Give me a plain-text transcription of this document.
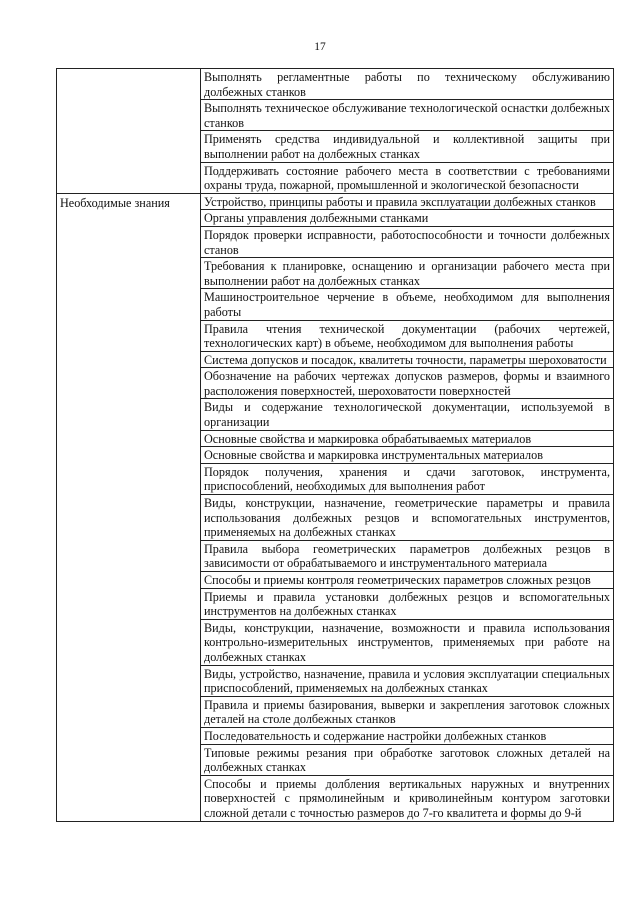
17
	Выполнять регламентные работы по техническому обслуживанию долбежных станков
	Выполнять техническое обслуживание технологической оснастки долбежных станков
	Применять средства индивидуальной и коллективной защиты при выполнении работ на долбежных станках
	Поддерживать состояние рабочего места в соответствии с требованиями охраны труда, пожарной, промышленной и экологической безопасности
Необходимые знания	Устройство, принципы работы и правила эксплуатации долбежных станков
	Органы управления долбежными станками
	Порядок проверки исправности, работоспособности и точности долбежных станов
	Требования к планировке, оснащению и организации рабочего места при выполнении работ на долбежных станках
	Машиностроительное черчение в объеме, необходимом для выполнения работы
	Правила чтения технической документации (рабочих чертежей, технологических карт) в объеме, необходимом для выполнения работы
	Система допусков и посадок, квалитеты точности, параметры шероховатости
	Обозначение на рабочих чертежах допусков размеров, формы и взаимного расположения поверхностей, шероховатости поверхностей
	Виды и содержание технологической документации, используемой в организации
	Основные свойства и маркировка обрабатываемых материалов
	Основные свойства и маркировка инструментальных материалов
	Порядок получения, хранения и сдачи заготовок, инструмента, приспособлений, необходимых для выполнения работ
	Виды, конструкции, назначение, геометрические параметры и правила использования долбежных резцов и вспомогательных инструментов, применяемых на долбежных станках
	Правила выбора геометрических параметров долбежных резцов в зависимости от обрабатываемого и инструментального материала
	Способы и приемы контроля геометрических параметров сложных резцов
	Приемы и правила установки долбежных резцов и вспомогательных инструментов на долбежных станках
	Виды, конструкции, назначение, возможности и правила использования контрольно-измерительных инструментов, применяемых при работе на долбежных станках
	Виды, устройство, назначение, правила и условия эксплуатации специальных приспособлений, применяемых на долбежных станках
	Правила и приемы базирования, выверки и закрепления заготовок сложных деталей на столе долбежных станков
	Последовательность и содержание настройки долбежных станков
	Типовые режимы резания при обработке заготовок сложных деталей на долбежных станках
	Способы и приемы долбления вертикальных наружных и внутренних поверхностей с прямолинейным и криволинейным контуром заготовки сложной детали с точностью размеров до 7-го квалитета и формы до 9-й
